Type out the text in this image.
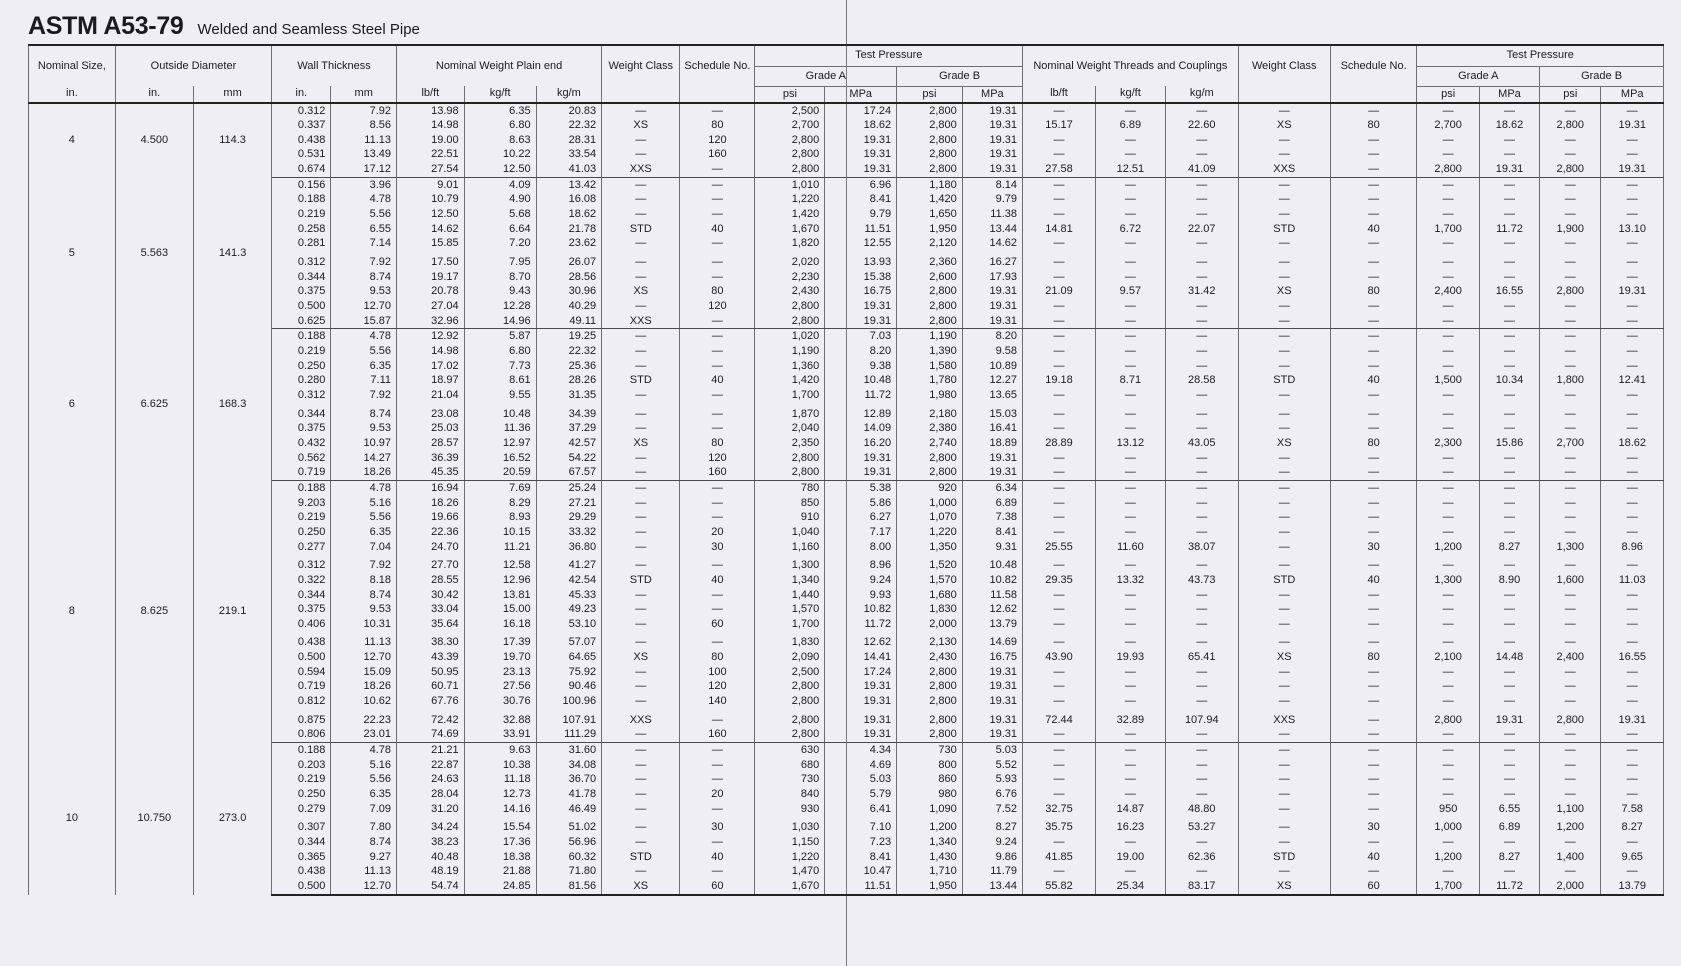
ASTM A53-79 Welded and Seamless Steel Pipe
Nominal Size,	Outside Diameter		Wall Thickness		Nominal Weight Plain end			Weight Class	Schedule No.	Test Pressure				Nominal Weight Threads and Couplings			Weight Class	Schedule No.	Test Pressure			
										Grade A		Grade B							Grade A		Grade B	
in.	in.	mm	in.	mm	lb/ft	kg/ft	kg/m			psi	MPa	psi	MPa	lb/ft	kg/ft	kg/m			psi	MPa	psi	MPa
4	4.500	114.3	0.312	7.92	13.98	6.35	20.83	—	—	2,500	17.24	2,800	19.31	—	—	—	—	—	—	—	—	—
			0.337	8.56	14.98	6.80	22.32	XS	80	2,700	18.62	2,800	19.31	15.17	6.89	22.60	XS	80	2,700	18.62	2,800	19.31
			0.438	11.13	19.00	8.63	28.31	—	120	2,800	19.31	2,800	19.31	—	—	—	—	—	—	—	—	—
			0.531	13.49	22.51	10.22	33.54	—	160	2,800	19.31	2,800	19.31	—	—	—	—	—	—	—	—	—
			0.674	17.12	27.54	12.50	41.03	XXS	—	2,800	19.31	2,800	19.31	27.58	12.51	41.09	XXS	—	2,800	19.31	2,800	19.31
5	5.563	141.3	0.156	3.96	9.01	4.09	13.42	—	—	1,010	6.96	1,180	8.14	—	—	—	—	—	—	—	—	—
			0.188	4.78	10.79	4.90	16.08	—	—	1,220	8.41	1,420	9.79	—	—	—	—	—	—	—	—	—
			0.219	5.56	12.50	5.68	18.62	—	—	1,420	9.79	1,650	11.38	—	—	—	—	—	—	—	—	—
			0.258	6.55	14.62	6.64	21.78	STD	40	1,670	11.51	1,950	13.44	14.81	6.72	22.07	STD	40	1,700	11.72	1,900	13.10
			0.281	7.14	15.85	7.20	23.62	—	—	1,820	12.55	2,120	14.62	—	—	—	—	—	—	—	—	—
			0.312	7.92	17.50	7.95	26.07	—	—	2,020	13.93	2,360	16.27	—	—	—	—	—	—	—	—	—
			0.344	8.74	19.17	8.70	28.56	—	—	2,230	15.38	2,600	17.93	—	—	—	—	—	—	—	—	—
			0.375	9.53	20.78	9.43	30.96	XS	80	2,430	16.75	2,800	19.31	21.09	9.57	31.42	XS	80	2,400	16.55	2,800	19.31
			0.500	12.70	27.04	12.28	40.29	—	120	2,800	19.31	2,800	19.31	—	—	—	—	—	—	—	—	—
			0.625	15.87	32.96	14.96	49.11	XXS	—	2,800	19.31	2,800	19.31	—	—	—	—	—	—	—	—	—
6	6.625	168.3	0.188	4.78	12.92	5.87	19.25	—	—	1,020	7.03	1,190	8.20	—	—	—	—	—	—	—	—	—
			0.219	5.56	14.98	6.80	22.32	—	—	1,190	8.20	1,390	9.58	—	—	—	—	—	—	—	—	—
			0.250	6.35	17.02	7.73	25.36	—	—	1,360	9.38	1,580	10.89	—	—	—	—	—	—	—	—	—
			0.280	7.11	18.97	8.61	28.26	STD	40	1,420	10.48	1,780	12.27	19.18	8.71	28.58	STD	40	1,500	10.34	1,800	12.41
			0.312	7.92	21.04	9.55	31.35	—	—	1,700	11.72	1,980	13.65	—	—	—	—	—	—	—	—	—
			0.344	8.74	23.08	10.48	34.39	—	—	1,870	12.89	2,180	15.03	—	—	—	—	—	—	—	—	—
			0.375	9.53	25.03	11.36	37.29	—	—	2,040	14.09	2,380	16.41	—	—	—	—	—	—	—	—	—
			0.432	10.97	28.57	12.97	42.57	XS	80	2,350	16.20	2,740	18.89	28.89	13.12	43.05	XS	80	2,300	15.86	2,700	18.62
			0.562	14.27	36.39	16.52	54.22	—	120	2,800	19.31	2,800	19.31	—	—	—	—	—	—	—	—	—
			0.719	18.26	45.35	20.59	67.57	—	160	2,800	19.31	2,800	19.31	—	—	—	—	—	—	—	—	—
8	8.625	219.1	0.188	4.78	16.94	7.69	25.24	—	—	780	5.38	920	6.34	—	—	—	—	—	—	—	—	—
			9.203	5.16	18.26	8.29	27.21	—	—	850	5.86	1,000	6.89	—	—	—	—	—	—	—	—	—
			0.219	5.56	19.66	8.93	29.29	—	—	910	6.27	1,070	7.38	—	—	—	—	—	—	—	—	—
			0.250	6.35	22.36	10.15	33.32	—	20	1,040	7.17	1,220	8.41	—	—	—	—	—	—	—	—	—
			0.277	7.04	24.70	11.21	36.80	—	30	1,160	8.00	1,350	9.31	25.55	11.60	38.07	—	30	1,200	8.27	1,300	8.96
			0.312	7.92	27.70	12.58	41.27	—	—	1,300	8.96	1,520	10.48	—	—	—	—	—	—	—	—	—
			0.322	8.18	28.55	12.96	42.54	STD	40	1,340	9.24	1,570	10.82	29.35	13.32	43.73	STD	40	1,300	8.90	1,600	11.03
			0.344	8.74	30.42	13.81	45.33	—	—	1,440	9.93	1,680	11.58	—	—	—	—	—	—	—	—	—
			0.375	9.53	33.04	15.00	49.23	—	—	1,570	10.82	1,830	12.62	—	—	—	—	—	—	—	—	—
			0.406	10.31	35.64	16.18	53.10	—	60	1,700	11.72	2,000	13.79	—	—	—	—	—	—	—	—	—
			0.438	11.13	38.30	17.39	57.07	—	—	1,830	12.62	2,130	14.69	—	—	—	—	—	—	—	—	—
			0.500	12.70	43.39	19.70	64.65	XS	80	2,090	14.41	2,430	16.75	43.90	19.93	65.41	XS	80	2,100	14.48	2,400	16.55
			0.594	15.09	50.95	23.13	75.92	—	100	2,500	17.24	2,800	19.31	—	—	—	—	—	—	—	—	—
			0.719	18.26	60.71	27.56	90.46	—	120	2,800	19.31	2,800	19.31	—	—	—	—	—	—	—	—	—
			0.812	10.62	67.76	30.76	100.96	—	140	2,800	19.31	2,800	19.31	—	—	—	—	—	—	—	—	—
			0.875	22.23	72.42	32.88	107.91	XXS	—	2,800	19.31	2,800	19.31	72.44	32.89	107.94	XXS	—	2,800	19.31	2,800	19.31
			0.806	23.01	74.69	33.91	111.29	—	160	2,800	19.31	2,800	19.31	—	—	—	—	—	—	—	—	—
10	10.750	273.0	0.188	4.78	21.21	9.63	31.60	—	—	630	4.34	730	5.03	—	—	—	—	—	—	—	—	—
			0.203	5.16	22.87	10.38	34.08	—	—	680	4.69	800	5.52	—	—	—	—	—	—	—	—	—
			0.219	5.56	24.63	11.18	36.70	—	—	730	5.03	860	5.93	—	—	—	—	—	—	—	—	—
			0.250	6.35	28.04	12.73	41.78	—	20	840	5.79	980	6.76	—	—	—	—	—	—	—	—	—
			0.279	7.09	31.20	14.16	46.49	—	—	930	6.41	1,090	7.52	32.75	14.87	48.80	—	—	950	6.55	1,100	7.58
			0.307	7.80	34.24	15.54	51.02	—	30	1,030	7.10	1,200	8.27	35.75	16.23	53.27	—	30	1,000	6.89	1,200	8.27
			0.344	8.74	38.23	17.36	56.96	—	—	1,150	7.23	1,340	9.24	—	—	—	—	—	—	—	—	—
			0.365	9.27	40.48	18.38	60.32	STD	40	1,220	8.41	1,430	9.86	41.85	19.00	62.36	STD	40	1,200	8.27	1,400	9.65
			0.438	11.13	48.19	21.88	71.80	—	—	1,470	10.47	1,710	11.79	—	—	—	—	—	—	—	—	—
			0.500	12.70	54.74	24.85	81.56	XS	60	1,670	11.51	1,950	13.44	55.82	25.34	83.17	XS	60	1,700	11.72	2,000	13.79
